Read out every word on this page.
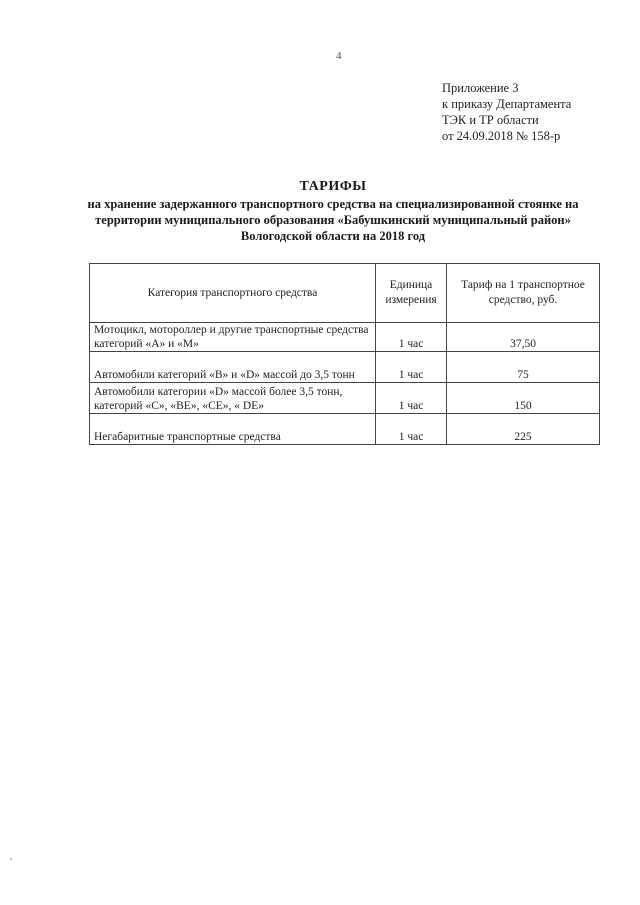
4
Приложение 3
к приказу Департамента
ТЭК и ТР области
от 24.09.2018 № 158-р
ТАРИФЫ
на хранение задержанного транспортного средства на специализированной стоянке на
территории муниципального образования «Бабушкинский муниципальный район»
Вологодской области на 2018 год
Категория транспортного средства	Единица измерения	Тариф на 1 транспортное средство, руб.
Мотоцикл, мотороллер и другие транспортные средства категорий «А» и «М»	1 час	37,50
Автомобили категорий «В» и «D» массой до 3,5 тонн	1 час	75
Автомобили категории «D» массой более 3,5 тонн, категорий «С», «ВЕ», «СЕ», « DE»	1 час	150
Негабаритные транспортные средства	1 час	225
